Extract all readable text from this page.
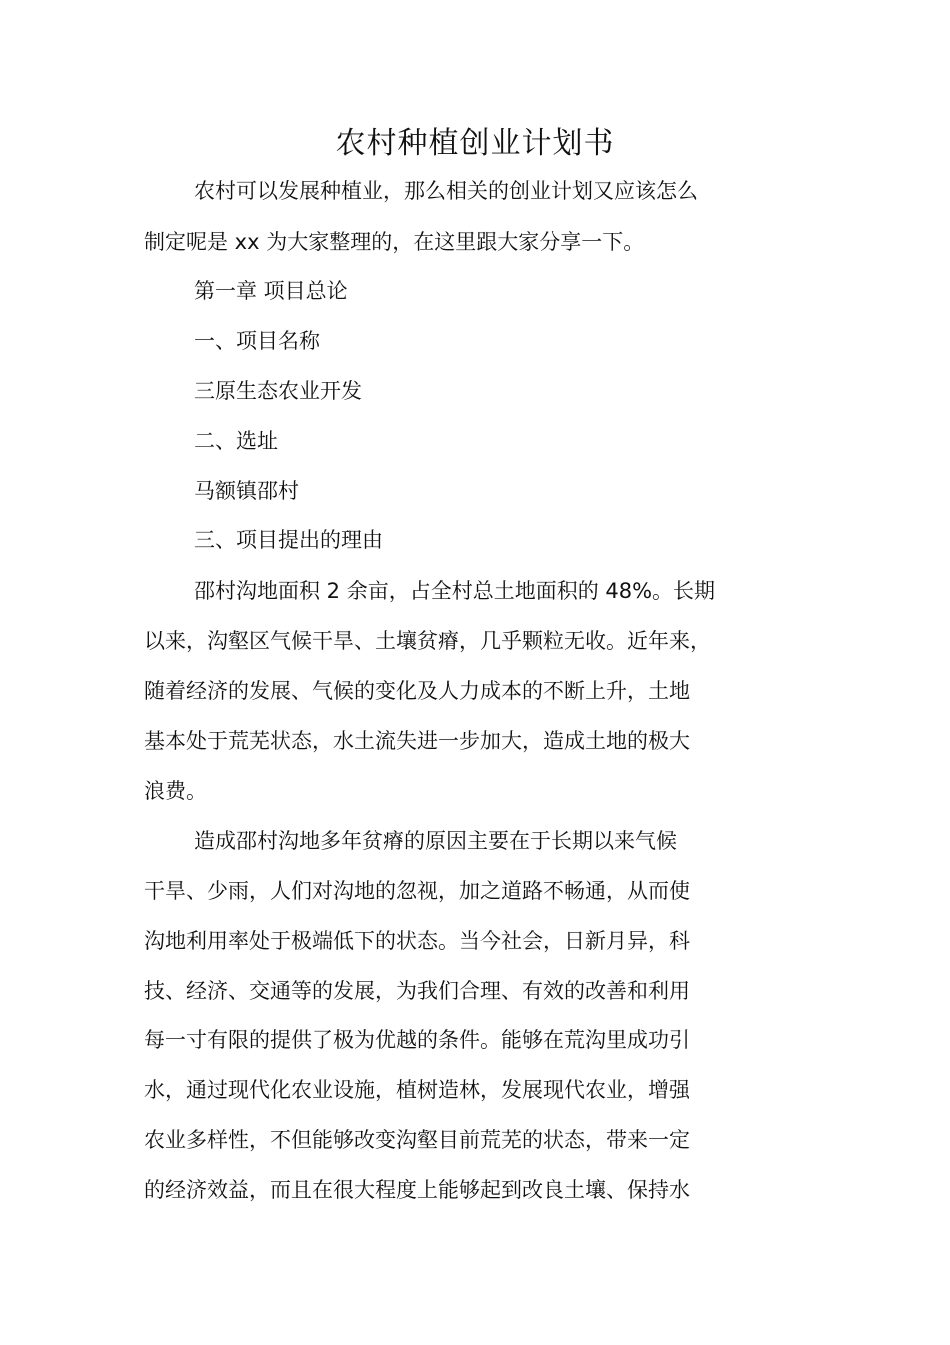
农村种植创业计划书
农村可以发展种植业，那么相关的创业计划又应该怎么
制定呢是 xx 为大家整理的，在这里跟大家分享一下。
第一章 项目总论
一、项目名称
三原生态农业开发
二、选址
马额镇邵村
三、项目提出的理由
邵村沟地面积 2 余亩，占全村总土地面积的 48%。长期
以来，沟壑区气候干旱、土壤贫瘠，几乎颗粒无收。近年来，
随着经济的发展、气候的变化及人力成本的不断上升，土地
基本处于荒芜状态，水土流失进一步加大，造成土地的极大
浪费。
造成邵村沟地多年贫瘠的原因主要在于长期以来气候
干旱、少雨，人们对沟地的忽视，加之道路不畅通，从而使
沟地利用率处于极端低下的状态。当今社会，日新月异，科
技、经济、交通等的发展，为我们合理、有效的改善和利用
每一寸有限的提供了极为优越的条件。能够在荒沟里成功引
水，通过现代化农业设施，植树造林，发展现代农业，增强
农业多样性，不但能够改变沟壑目前荒芜的状态，带来一定
的经济效益，而且在很大程度上能够起到改良土壤、保持水
